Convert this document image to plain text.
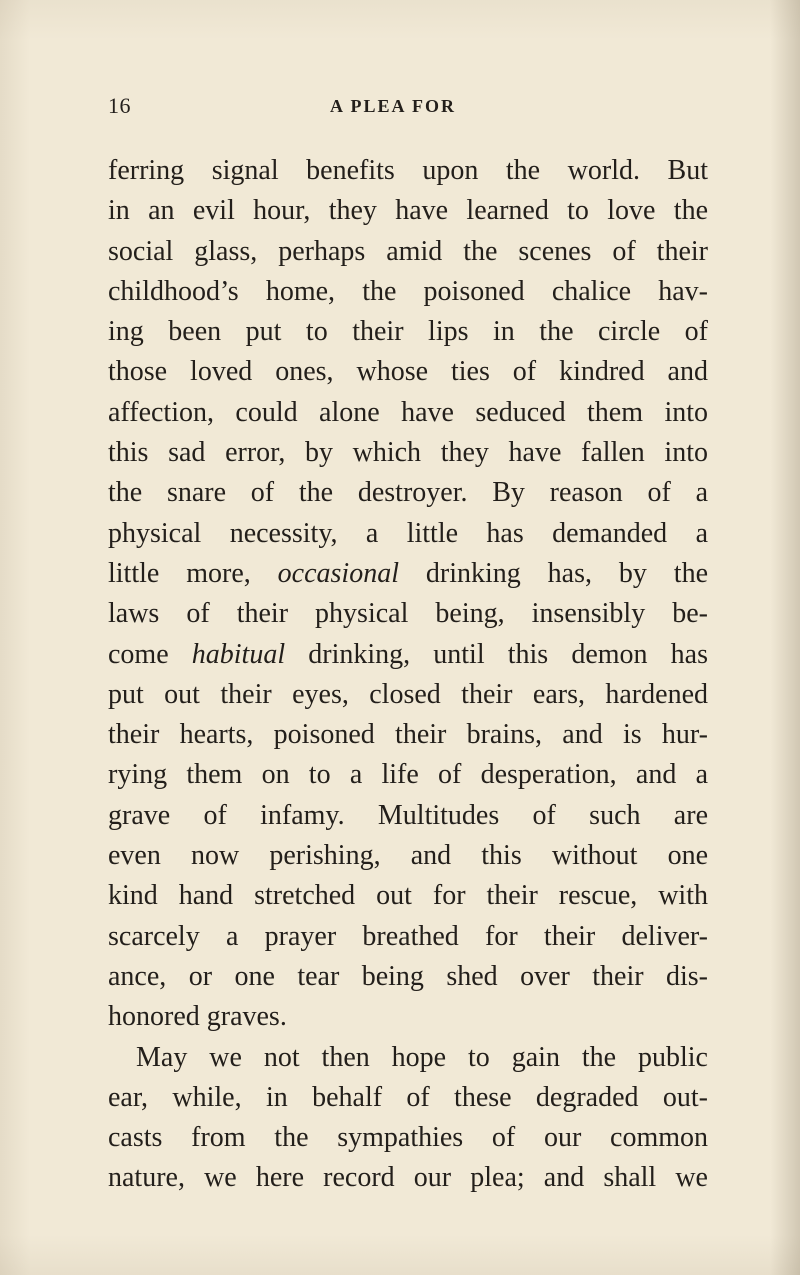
16	A PLEA FOR
ferring signal benefits upon the world. But
in an evil hour, they have learned to love the
social glass, perhaps amid the scenes of their
childhood’s home, the poisoned chalice hav-
ing been put to their lips in the circle of
those loved ones, whose ties of kindred and
affection, could alone have seduced them into
this sad error, by which they have fallen into
the snare of the destroyer. By reason of a
physical necessity, a little has demanded a
little more, occasional drinking has, by the
laws of their physical being, insensibly be-
come habitual drinking, until this demon has
put out their eyes, closed their ears, hardened
their hearts, poisoned their brains, and is hur-
rying them on to a life of desperation, and a
grave of infamy. Multitudes of such are
even now perishing, and this without one
kind hand stretched out for their rescue, with
scarcely a prayer breathed for their deliver-
ance, or one tear being shed over their dis-
honored graves.
May we not then hope to gain the public
ear, while, in behalf of these degraded out-
casts from the sympathies of our common
nature, we here record our plea; and shall we
